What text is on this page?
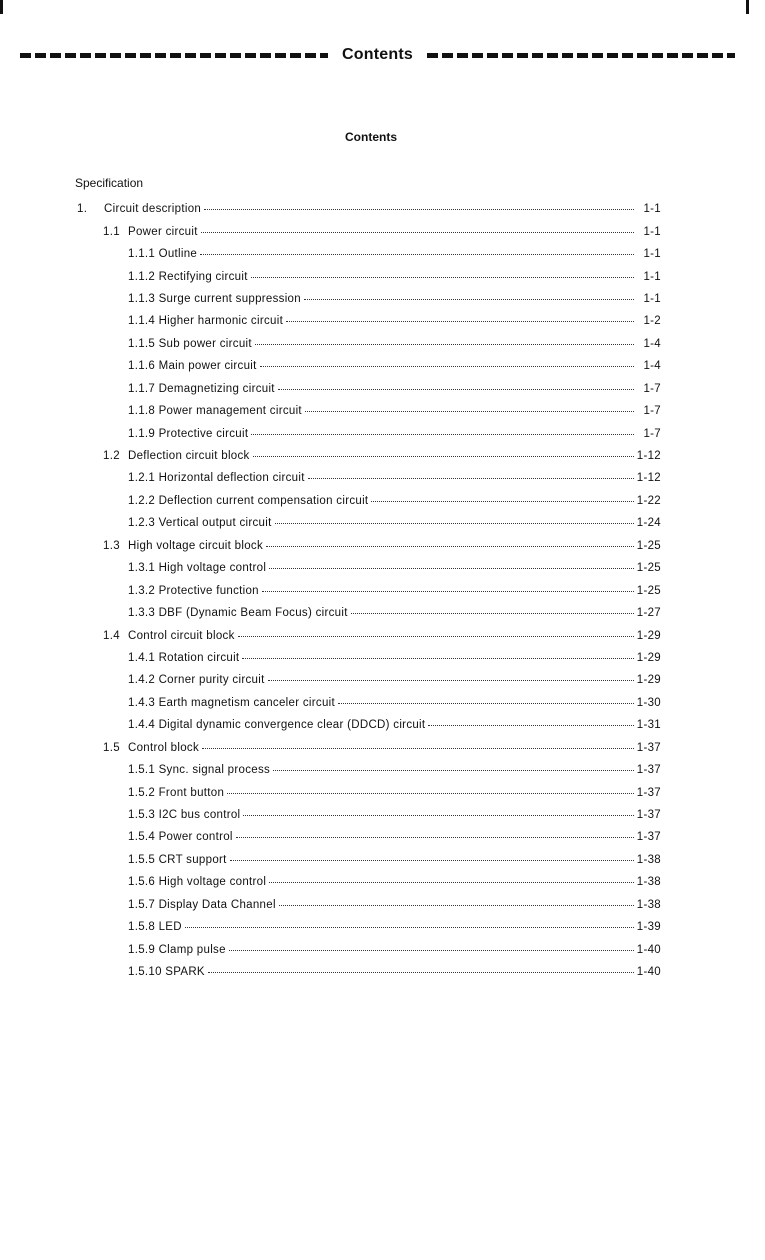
Contents
Contents
Specification
1. Circuit description	1-1
1.1 Power circuit	1-1
1.1.1 Outline	1-1
1.1.2 Rectifying circuit	1-1
1.1.3 Surge current suppression	1-1
1.1.4 Higher harmonic circuit	1-2
1.1.5 Sub power circuit	1-4
1.1.6 Main power circuit	1-4
1.1.7 Demagnetizing circuit	1-7
1.1.8 Power management circuit	1-7
1.1.9 Protective circuit	1-7
1.2 Deflection circuit block	1-12
1.2.1 Horizontal deflection circuit	1-12
1.2.2 Deflection current compensation circuit	1-22
1.2.3 Vertical output circuit	1-24
1.3 High voltage circuit block	1-25
1.3.1 High voltage control	1-25
1.3.2 Protective function	1-25
1.3.3 DBF (Dynamic Beam Focus) circuit	1-27
1.4 Control circuit block	1-29
1.4.1 Rotation circuit	1-29
1.4.2 Corner purity circuit	1-29
1.4.3 Earth magnetism canceler circuit	1-30
1.4.4 Digital dynamic convergence clear (DDCD) circuit	1-31
1.5 Control block	1-37
1.5.1 Sync. signal process	1-37
1.5.2 Front button	1-37
1.5.3 I2C bus control	1-37
1.5.4 Power control	1-37
1.5.5 CRT support	1-38
1.5.6 High voltage control	1-38
1.5.7 Display Data Channel	1-38
1.5.8 LED	1-39
1.5.9 Clamp pulse	1-40
1.5.10 SPARK	1-40
